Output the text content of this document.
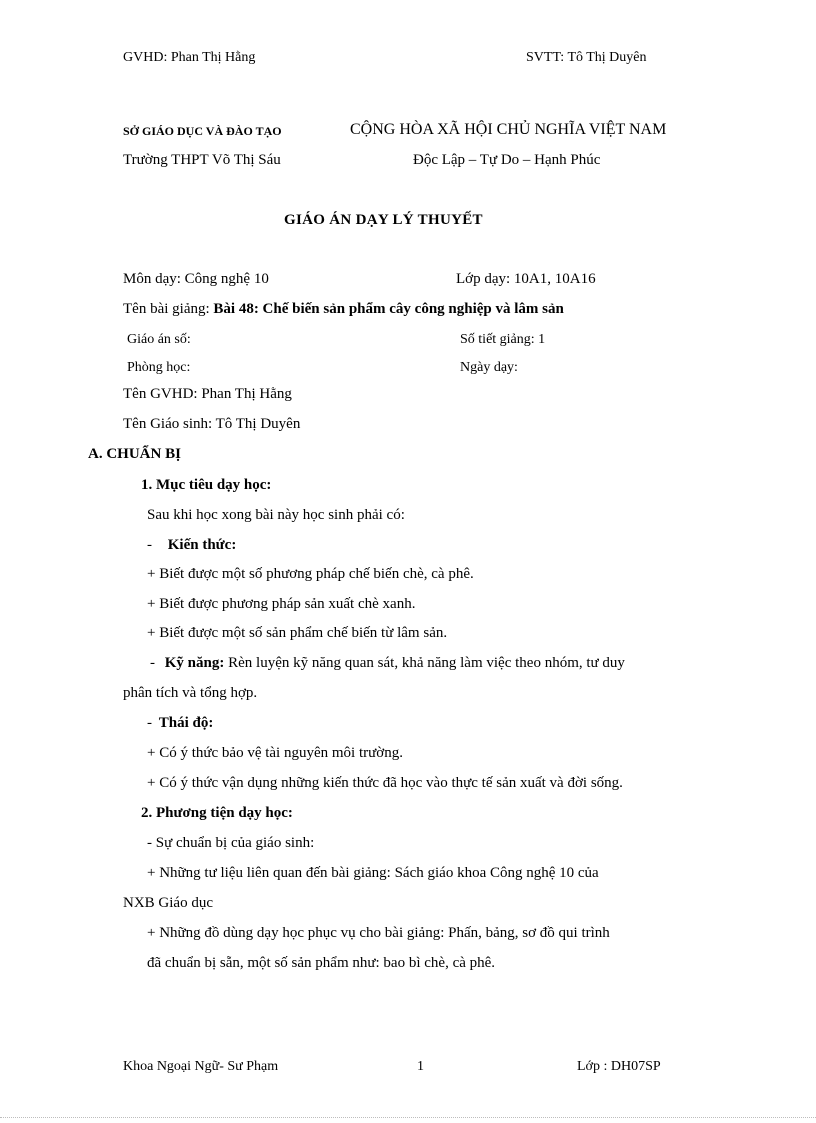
GVHD: Phan Thị Hằng	SVTT: Tô Thị Duyên
SỞ GIÁO DỤC VÀ ĐÀO TẠO	CỘNG HÒA XÃ HỘI CHỦ NGHĨA VIỆT NAM
Trường THPT Võ Thị Sáu	Độc Lập – Tự Do – Hạnh Phúc
GIÁO ÁN DẠY LÝ THUYẾT
Môn dạy: Công nghệ 10	Lớp dạy: 10A1, 10A16
Tên bài giảng: Bài 48: Chế biến sản phẩm cây công nghiệp và lâm sản
Giáo án số:	Số tiết giảng: 1
Phòng học:	Ngày dạy:
Tên GVHD: Phan Thị Hằng
Tên Giáo sinh: Tô Thị Duyên
A. CHUẨN BỊ
1. Mục tiêu dạy học:
Sau khi học xong bài này học sinh phải có:
- Kiến thức:
+ Biết được một số phương pháp chế biến chè, cà phê.
+ Biết được phương pháp sản xuất chè xanh.
+ Biết được một số sản phẩm chế biến từ lâm sản.
- Kỹ năng: Rèn luyện kỹ năng quan sát, khả năng làm việc theo nhóm, tư duy
phân tích và tổng hợp.
- Thái độ:
+ Có ý thức bảo vệ tài nguyên môi trường.
+ Có ý thức vận dụng những kiến thức đã học vào thực tế sản xuất và đời sống.
2. Phương tiện dạy học:
- Sự chuẩn bị của giáo sinh:
+ Những tư liệu liên quan đến bài giảng: Sách giáo khoa Công nghệ 10 của
NXB Giáo dục
+ Những đồ dùng dạy học phục vụ cho bài giảng: Phấn, bảng, sơ đồ qui trình
đã chuẩn bị sẵn, một số sản phẩm như: bao bì chè, cà phê.
Khoa Ngoại Ngữ- Sư Phạm	1	Lớp : DH07SP
